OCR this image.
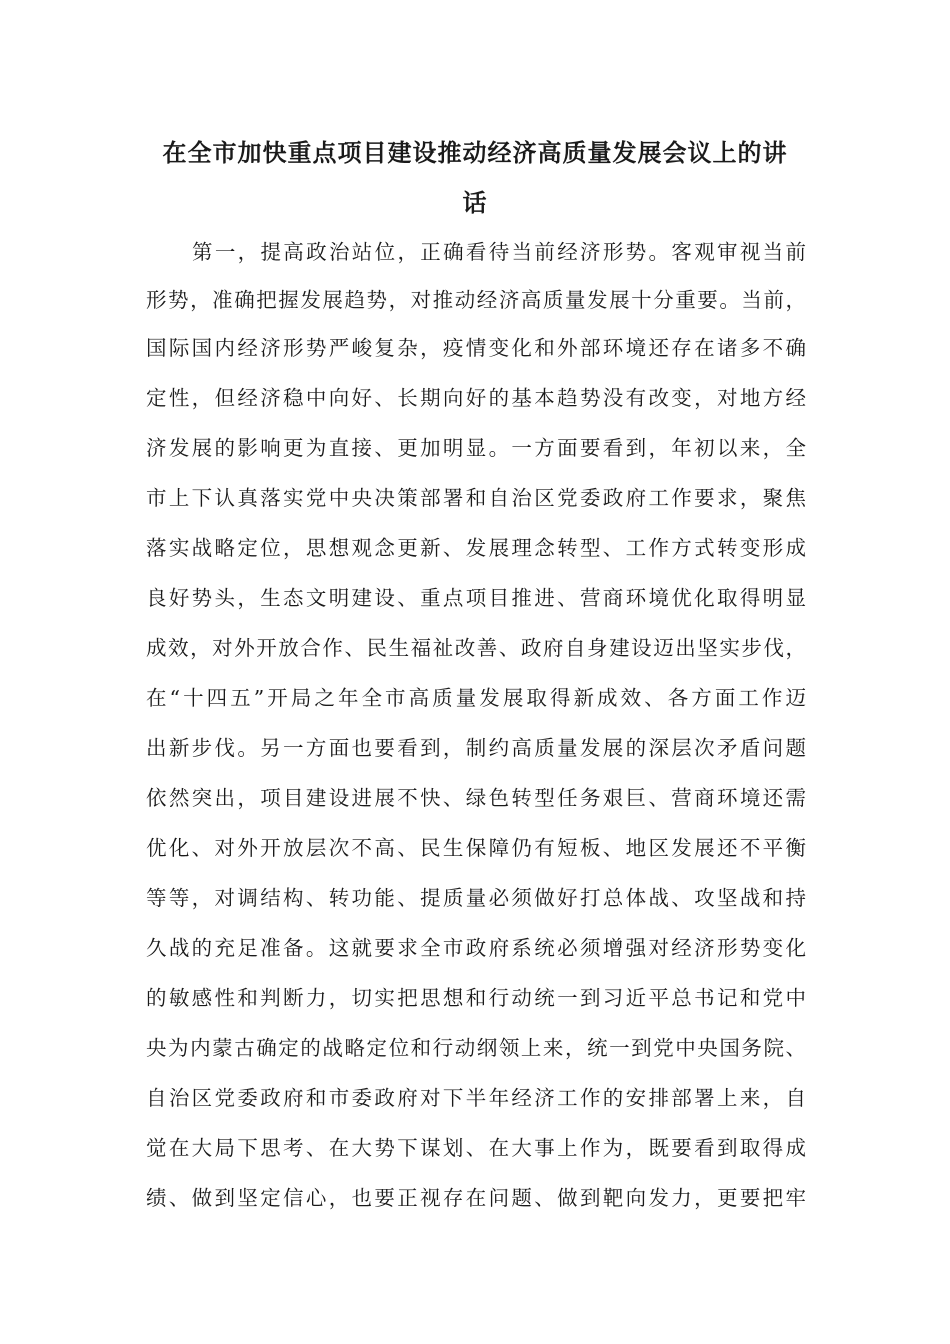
在全市加快重点项目建设推动经济高质量发展会议上的讲
话
第一，提高政治站位，正确看待当前经济形势。客观审视当前
形势，准确把握发展趋势，对推动经济高质量发展十分重要。当前，
国际国内经济形势严峻复杂，疫情变化和外部环境还存在诸多不确
定性，但经济稳中向好、长期向好的基本趋势没有改变，对地方经
济发展的影响更为直接、更加明显。一方面要看到，年初以来，全
市上下认真落实党中央决策部署和自治区党委政府工作要求，聚焦
落实战略定位，思想观念更新、发展理念转型、工作方式转变形成
良好势头，生态文明建设、重点项目推进、营商环境优化取得明显
成效，对外开放合作、民生福祉改善、政府自身建设迈出坚实步伐，
在“十四五”开局之年全市高质量发展取得新成效、各方面工作迈
出新步伐。另一方面也要看到，制约高质量发展的深层次矛盾问题
依然突出，项目建设进展不快、绿色转型任务艰巨、营商环境还需
优化、对外开放层次不高、民生保障仍有短板、地区发展还不平衡
等等，对调结构、转功能、提质量必须做好打总体战、攻坚战和持
久战的充足准备。这就要求全市政府系统必须增强对经济形势变化
的敏感性和判断力，切实把思想和行动统一到习近平总书记和党中
央为内蒙古确定的战略定位和行动纲领上来，统一到党中央国务院、
自治区党委政府和市委政府对下半年经济工作的安排部署上来，自
觉在大局下思考、在大势下谋划、在大事上作为，既要看到取得成
绩、做到坚定信心，也要正视存在问题、做到靶向发力，更要把牢
